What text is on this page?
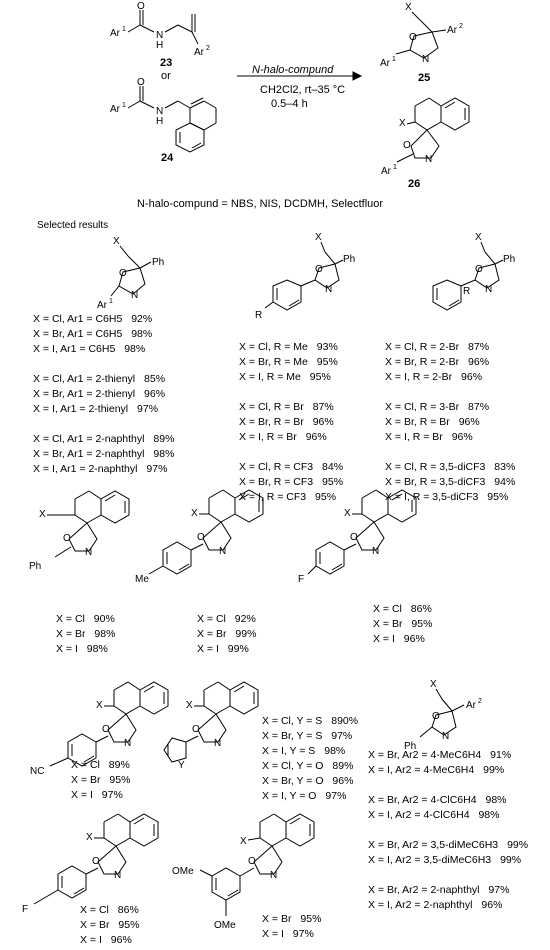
Ar 1
O
N
H
Ar 2
23
or
Ar 1
O
N
H
24
N-halo-compund
CH2Cl2, rt–35 °C
0.5–4 h
X
Ar 2
O
N
Ar 1
25
X
O
N
Ar 1
26
N-halo-compund = NBS, NIS, DCDMH, Selectfluor
Selected results
X
Ph
O
N
Ar 1
X = Cl, Ar1 = C6H5 92%
X = Br, Ar1 = C6H5 98%
X = I, Ar1 = C6H5 98%
X = Cl, Ar1 = 2-thienyl 85%
X = Br, Ar1 = 2-thienyl 96%
X = I, Ar1 = 2-thienyl 97%
X = Cl, Ar1 = 2-naphthyl 89%
X = Br, Ar1 = 2-naphthyl 98%
X = I, Ar1 = 2-naphthyl 97%
X
Ph
O
N
R
X = Cl, R = Me 93%
X = Br, R = Me 95%
X = I, R = Me 95%
X = Cl, R = Br 87%
X = Br, R = Br 96%
X = I, R = Br 96%
X = Cl, R = CF3 84%
X = Br, R = CF3 95%
X = I, R = CF3 95%
X
Ph
O
N
R
X = Cl, R = 2-Br 87%
X = Br, R = 2-Br 96%
X = I, R = 2-Br 96%
X = Cl, R = 3-Br 87%
X = Br, R = Br 96%
X = I, R = Br 96%
X = Cl, R = 3,5-diCF3 83%
X = Br, R = 3,5-diCF3 94%
X = I, R = 3,5-diCF3 95%
X
O
N
Ph
X = Cl 90%
X = Br 98%
X = I 98%
X
O
N
Me
X = Cl 92%
X = Br 99%
X = I 99%
X
O
N
F
X = Cl 86%
X = Br 95%
X = I 96%
X
O
N
NC
X = Cl 89%
X = Br 95%
X = I 97%
X
O
N
Y
X = Cl, Y = S 890%
X = Br, Y = S 97%
X = I, Y = S 98%
X = Cl, Y = O 89%
X = Br, Y = O 96%
X = I, Y = O 97%
X
Ar 2
O
N
Ph
X = Br, Ar2 = 4-MeC6H4 91%
X = I, Ar2 = 4-MeC6H4 99%
X = Br, Ar2 = 4-ClC6H4 98%
X = I, Ar2 = 4-ClC6H4 98%
X = Br, Ar2 = 3,5-diMeC6H3 99%
X = I, Ar2 = 3,5-diMeC6H3 99%
X = Br, Ar2 = 2-naphthyl 97%
X = I, Ar2 = 2-naphthyl 96%
X
O
N
F	X = Cl 86%
X = Br 95%
X = I 96%
X
O
N
OMe
OMe
X = Br 95%
X = I 97%
